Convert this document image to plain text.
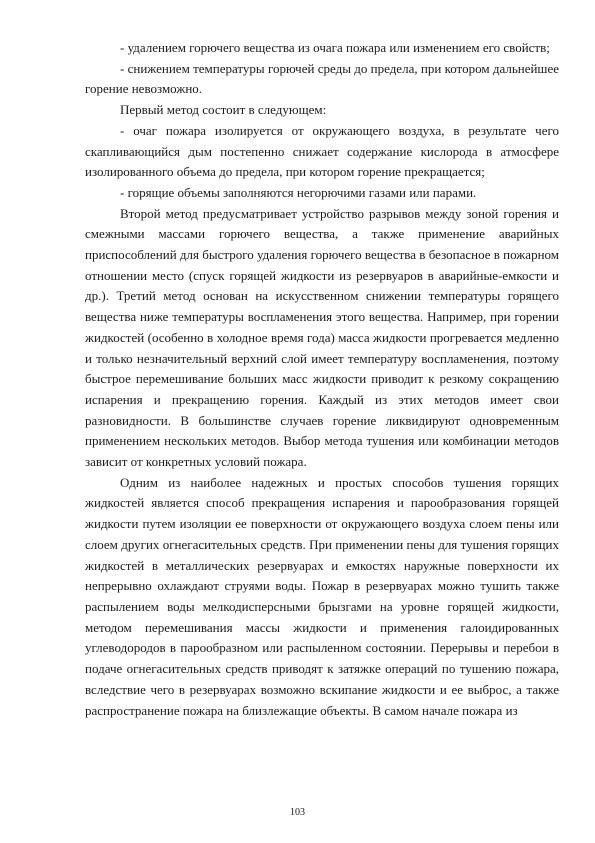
- удалением горючего вещества из очага пожара или изменением его свойств;

- снижением температуры горючей среды до предела, при котором дальнейшее горение невозможно.

Первый метод состоит в следующем:

- очаг пожара изолируется от окружающего воздуха, в результате чего скапливающийся дым постепенно снижает содержание кислорода в атмосфере изолированного объема до предела, при котором горение прекращается;

- горящие объемы заполняются негорючими газами или парами.

Второй метод предусматривает устройство разрывов между зоной горения и смежными массами горючего вещества, а также применение аварийных приспособлений для быстрого удаления горючего вещества в безопасное в пожарном отношении место (спуск горящей жидкости из резервуаров в аварийные-емкости и др.). Третий метод основан на искусственном снижении температуры горящего вещества ниже температуры воспламенения этого вещества. Например, при горении жидкостей (особенно в холодное время года) масса жидкости прогревается медленно и только незначительный верхний слой имеет температуру воспламенения, поэтому быстрое перемешивание больших масс жидкости приводит к резкому сокращению испарения и прекращению горения. Каждый из этих методов имеет свои разновидности. В большинстве случаев горение ликвидируют одновременным применением нескольких методов. Выбор метода тушения или комбинации методов зависит от конкретных условий пожара.

Одним из наиболее надежных и простых способов тушения горящих жидкостей является способ прекращения испарения и парообразования горящей жидкости путем изоляции ее поверхности от окружающего воздуха слоем пены или слоем других огнегасительных средств. При применении пены для тушения горящих жидкостей в металлических резервуарах и емкостях наружные поверхности их непрерывно охлаждают струями воды. Пожар в резервуарах можно тушить также распылением воды мелкодисперсными брызгами на уровне горящей жидкости, методом перемешивания массы жидкости и применения галоидированных углеводородов в парообразном или распыленном состоянии. Перерывы и перебои в подаче огнегасительных средств приводят к затяжке операций по тушению пожара, вследствие чего в резервуарах возможно вскипание жидкости и ее выброс, а также распространение пожара на близлежащие объекты. В самом начале пожара из

103
